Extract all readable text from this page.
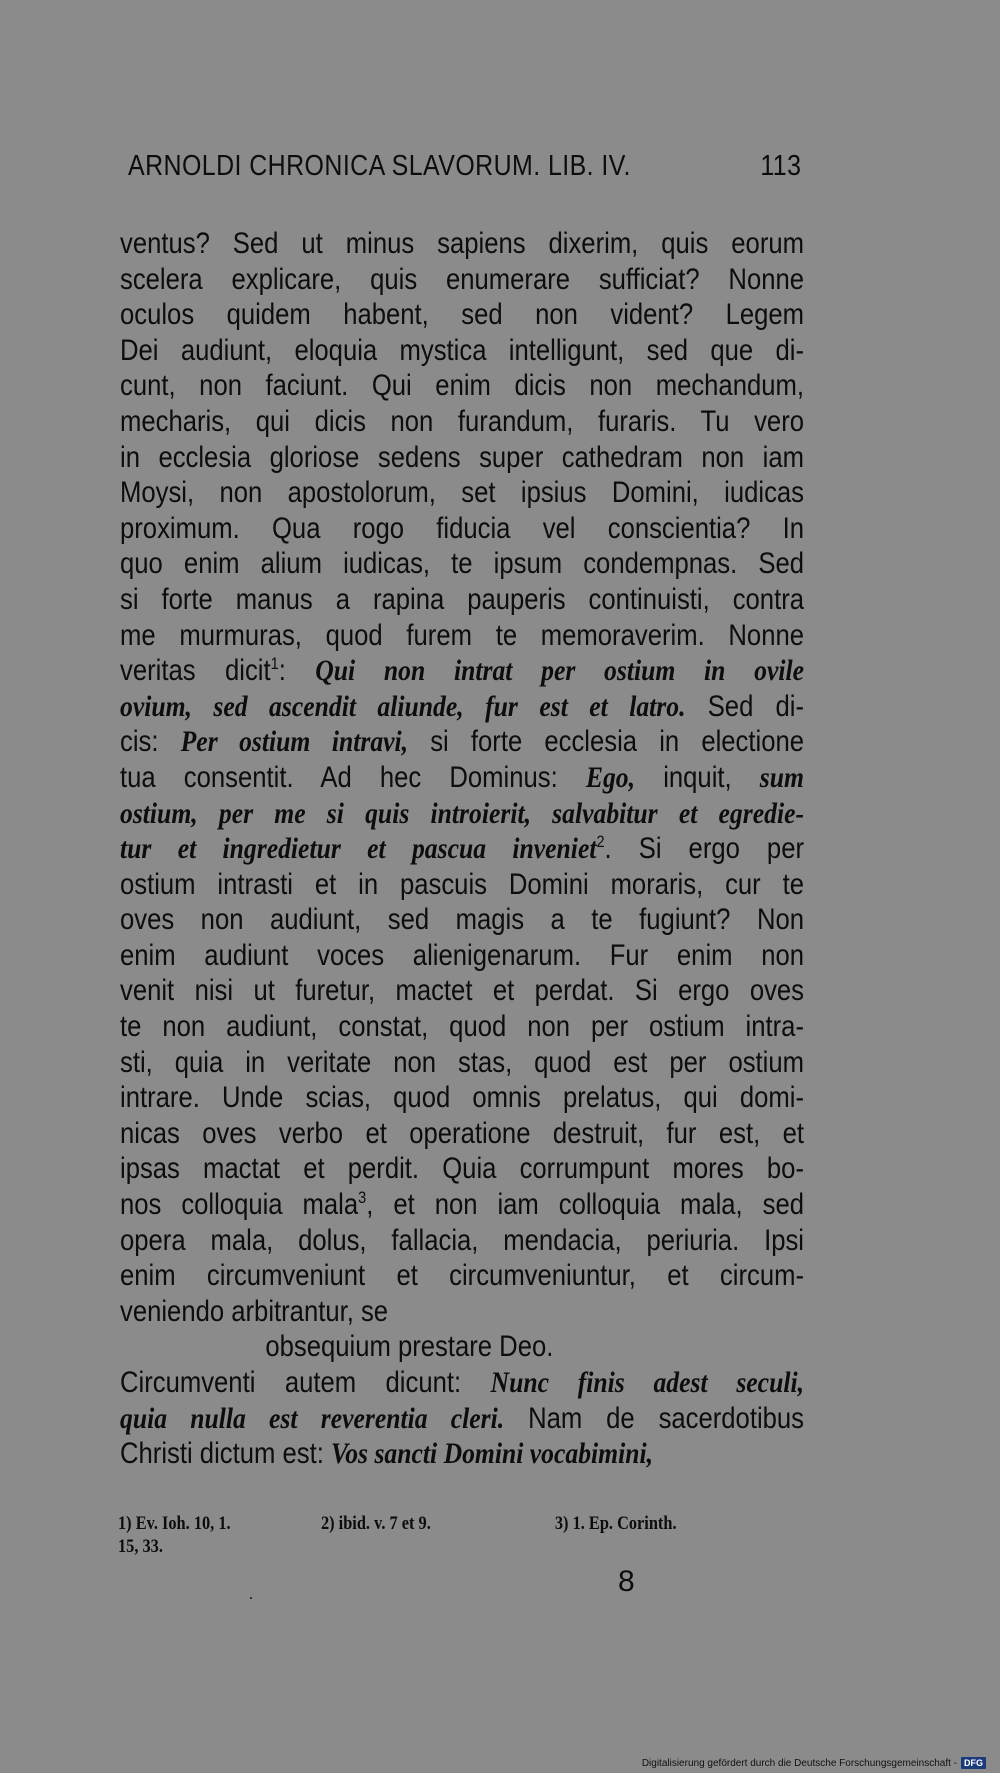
ARNOLDI CHRONICA SLAVORUM. LIB. IV.	113
ventus? Sed ut minus sapiens dixerim, quis eorum
scelera explicare, quis enumerare sufficiat? Nonne
oculos quidem habent, sed non vident? Legem
Dei audiunt, eloquia mystica intelligunt, sed que di-
cunt, non faciunt. Qui enim dicis non mechandum,
mecharis, qui dicis non furandum, furaris. Tu vero
in ecclesia gloriose sedens super cathedram non iam
Moysi, non apostolorum, set ipsius Domini, iudicas
proximum. Qua rogo fiducia vel conscientia? In
quo enim alium iudicas, te ipsum condempnas. Sed
si forte manus a rapina pauperis continuisti, contra
me murmuras, quod furem te memoraverim. Nonne
veritas dicit$^1$: Qui non intrat per ostium in ovile
ovium, sed ascendit aliunde, fur est et latro. Sed di-
cis: Per ostium intravi, si forte ecclesia in electione
tua consentit. Ad hec Dominus: Ego, inquit, sum
ostium, per me si quis introierit, salvabitur et egredie-
tur et ingredietur et pascua inveniet$^2$. Si ergo per
ostium intrasti et in pascuis Domini moraris, cur te
oves non audiunt, sed magis a te fugiunt? Non
enim audiunt voces alienigenarum. Fur enim non
venit nisi ut furetur, mactet et perdat. Si ergo oves
te non audiunt, constat, quod non per ostium intra-
sti, quia in veritate non stas, quod est per ostium
intrare. Unde scias, quod omnis prelatus, qui domi-
nicas oves verbo et operatione destruit, fur est, et
ipsas mactat et perdit. Quia corrumpunt mores bo-
nos colloquia mala$^3$, et non iam colloquia mala, sed
opera mala, dolus, fallacia, mendacia, periuria. Ipsi
enim circumveniunt et circumveniuntur, et circum-
veniendo arbitrantur, se
obsequium prestare Deo.
Circumventi autem dicunt: Nunc finis adest seculi,
quia nulla est reverentia cleri. Nam de sacerdotibus
Christi dictum est: Vos sancti Domini vocabimini,
1) Ev. Ioh. 10, 1.	2) ibid. v. 7 et 9.	3) 1. Ep. Corinth.
15, 33.
8
Digitalisierung gefördert durch die Deutsche Forschungsgemeinschaft - DFG
